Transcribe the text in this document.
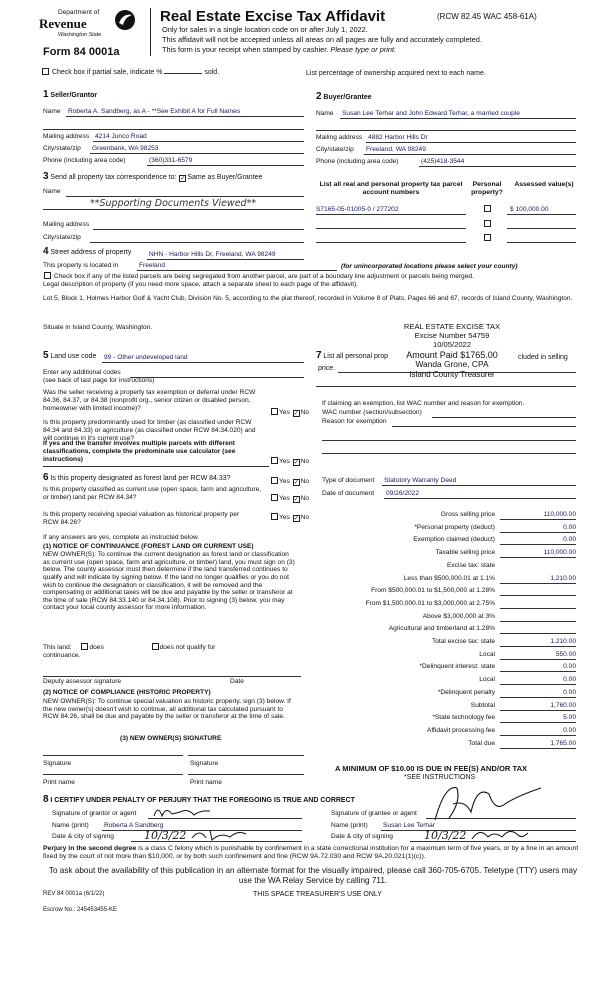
Department of
Revenue
Washington State
Form 84 0001a
Real Estate Excise Tax Affidavit	(RCW 82.45 WAC 458-61A)
Only for sales in a single location code on or after July 1, 2022.
This affidavit will not be accepted unless all areas on all pages are fully and accurately completed.
This form is your receipt when stamped by cashier. Please type or print.
Check box if partial sale, indicate %	sold.	List percentage of ownership acquired next to each name.
1 Seller/Grantor	2 Buyer/Grantee
Name Roberta A. Sandberg, as A - **See Exhibit A for Full Names	Name Susan Lee Terhar and John Edward Terhar, a married couple
Mailing address 4214 Junco Road
City/state/zip Greenbank, WA 98253
Phone (including area code)	(360)331-6579
Mailing address 4882 Harbor Hills Dr
City/state/zip Freeland, WA 98249
Phone (including area code)	(425)418-3544
3 Send all property tax correspondence to: ✓ Same as Buyer/Grantee
Name
**Supporting Documents Viewed**
Mailing address
City/state/zip
List all real and personal property tax parcel account numbers
Personal property?
Assessed value(s)
S7165-05-01005-0 / 277202	$ 100,000.00
4 Street address of property	NHN - Harbor Hills Dr, Freeland, WA 98249
This property is located in	Freeland	(for unincorporated locations please select your county)
Check box if any of the listed parcels are being segregated from another parcel, are part of a boundary line adjustment or parcels being merged.
Legal description of property (if you need more space, attach a separate sheet to each page of the affidavit).
Lot 5, Block 1, Holmes Harbor Golf & Yacht Club, Division No. 5, according to the plat thereof, recorded in Volume 8 of Plats, Pages 66 and 67, records of Island County, Washington.
Situate in Island County, Washington.	REAL ESTATE EXCISE TAX
Excise Number 54759
10/05/2022
Amount Paid $1765.00
Wanda Grone, CPA
Island County Treasurer
5 Land use code 99 - Other undeveloped land
Enter any additional codes
(see back of last page for instructions)
Was the seller receiving a property tax exemption or deferral under RCW 84.36, 84.37, or 84.38 (nonprofit org., senior citizen or disabled person, homeowner with limited income)?
Yes ✓ No
Is this property predominantly used for timber (as classified under RCW 84.34 and 84.33) or agriculture (as classified under RCW 84.34.020) and will continue in it's current use?
If yes and the transfer involves multiple parcels with different classifications, complete the predominate use calculator (see instructions)	Yes ✓ No
7 List all personal prop	cluded in selling
price.
If claiming an exemption, list WAC number and reason for exemption.
WAC number (section/subsection)
Reason for exemption
6 Is this property designated as forest land per RCW 84.33?	Yes ✓ No
Is this property classified as current use (open space, farm and agriculture, or timber) land per RCW 84.34?	Yes ✓ No
Is this property receiving special valuation as historical property per RCW 84.26?
Yes ✓ No
If any answers are yes, complete as instructed below.
(1) NOTICE OF CONTINUANCE (FOREST LAND OR CURRENT USE)
NEW OWNER(S): To continue the current designation as forest land or classification as current use (open space, farm and agriculture, or timber) land, you must sign on (3) below. The county assessor must then determine if the land transferred continues to qualify and will indicate by signing below. If the land no longer qualifies or you do not wish to continue the designation or classification, it will be removed and the compensating or additional taxes will be due and payable by the seller or transferor at the time of sale (RCW 84.33.140 or 84.34.108). Prior to signing (3) below, you may contact your local county assessor for more information.
This land:	does	does not qualify for
continuance.
Deputy assessor signature	Date
(2) NOTICE OF COMPLIANCE (HISTORIC PROPERTY)
NEW OWNER(S): To continue special valuation as historic property, sign (3) below. If the new owner(s) doesn't wish to continue, all additional tax calculated pursuant to RCW 84.26, shall be due and payable by the seller or transferor at the time of sale.
(3) NEW OWNER(S) SIGNATURE
Signature	Signature
Print name	Print name
Type of document Statutory Warranty Deed
Date of document 09/26/2022
Gross selling price	110,000.00
*Personal property (deduct)	0.00
Exemption claimed (deduct)	0.00
Taxable selling price	110,000.00
Excise tax: state
Less than $500,000.01 at 1.1%	1,210.00
From $500,000.01 to $1,500,000 at 1.28%
From $1,500,000.01 to $3,000,000 at 2.75%
Above $3,000,000 at 3%
Agricultural and timberland at 1.28%
Total excise tax: state	1,210.00
Local	550.00
*Delinquent interest: state	0.00
Local	0.00
*Delinquent penalty	0.00
Subtotal	1,760.00
*State technology fee	5.00
Affidavit processing fee	0.00
Total due	1,765.00
A MINIMUM OF $10.00 IS DUE IN FEE(S) AND/OR TAX
*SEE INSTRUCTIONS
8 I CERTIFY UNDER PENALTY OF PERJURY THAT THE FOREGOING IS TRUE AND CORRECT
Signature of grantor or agent
Name (print) Roberta A Sandberg
Date & city of signing	10/3/22
Signature of grantee or agent
Name (print) Susan Lee Terhar
Date & city of signing	10/3/22
Perjury in the second degree is a class C felony which is punishable by confinement in a state correctional institution for a maximum term of five years, or by a fine in an amount fixed by the court of not more than $10,000, or by both such confinement and fine (RCW 9A.72.030 and RCW 9A.20.021(1)(c)).
To ask about the availability of this publication in an alternate format for the visually impaired, please call 360-705-6705. Teletype (TTY) users may use the WA Relay Service by calling 711.
REV 84 0001a (6/1/22)	THIS SPACE TREASURER'S USE ONLY
Escrow No.: 245453455-KE
